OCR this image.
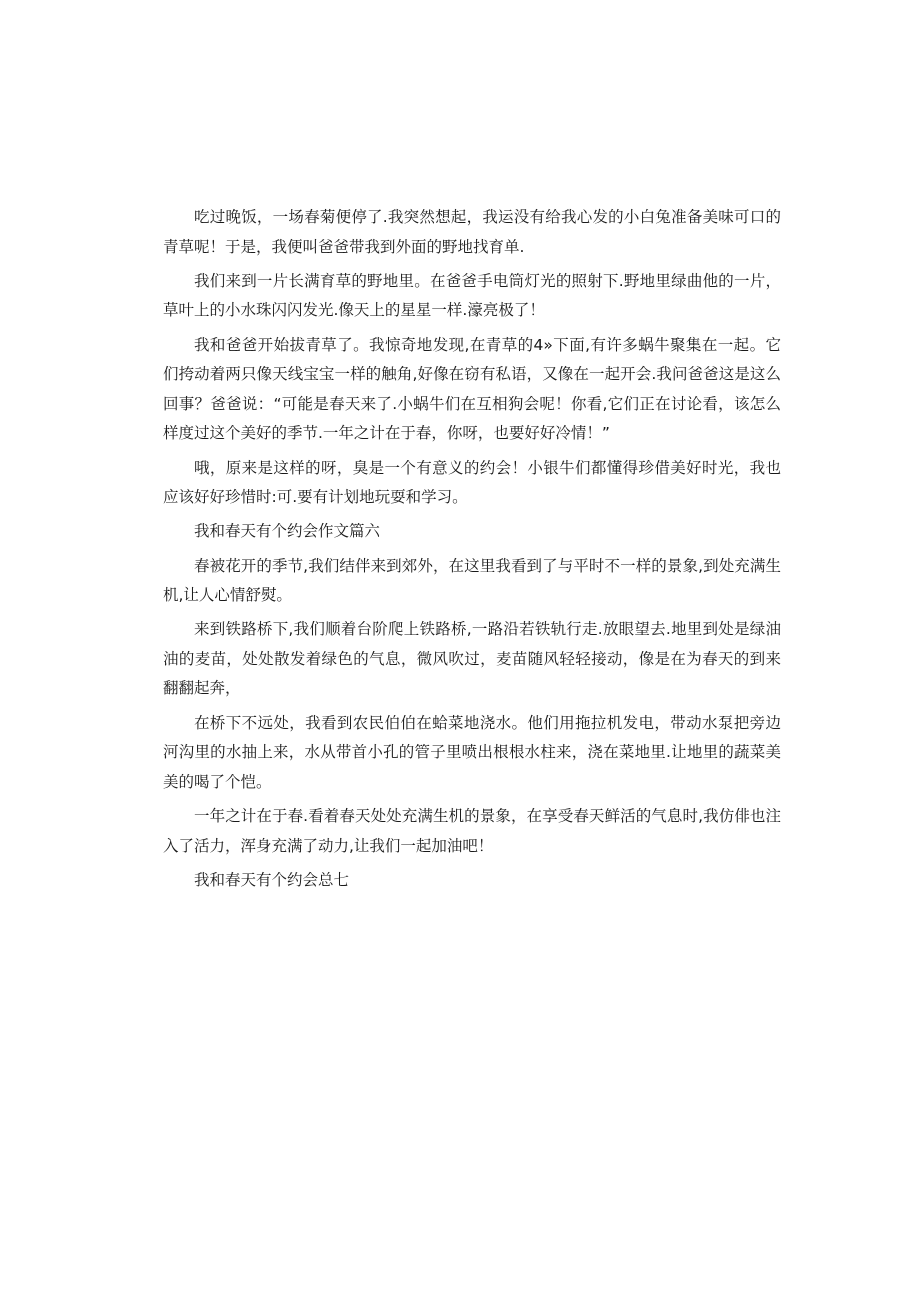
吃过晚饭，一场春菊便停了.我突然想起，我运没有给我心发的小白兔准备美味可口的青草呢！于是，我便叫爸爸带我到外面的野地找育单.

我们来到一片长满育草的野地里。在爸爸手电筒灯光的照射下.野地里绿曲他的一片，草叶上的小水珠闪闪发光.像天上的星星一样.濠亮极了！

我和爸爸开始拔青草了。我惊奇地发现,在青草的4»下面,有许多蜗牛聚集在一起。它们挎动着两只像天线宝宝一样的触角,好像在窃有私语，又像在一起开会.我问爸爸这是这么回事？爸爸说：“可能是春天来了.小蜗牛们在互相狗会呢！你看,它们正在讨论看，该怎么样度过这个美好的季节.一年之计在于春，你呀，也要好好冷情！”

哦，原来是这样的呀，臭是一个有意义的约会！小银牛们都懂得珍借美好时光，我也应该好好珍惜时:可.要有计划地玩耍和学习。

我和春天有个约会作文篇六

春被花开的季节,我们结伴来到郊外，在这里我看到了与平时不一样的景象,到处充满生机,让人心情舒熨。

来到铁路桥下,我们顺着台阶爬上铁路桥,一路沿若铁轨行走.放眼望去.地里到处是绿油油的麦苗，处处散发着绿色的气息，微风吹过，麦苗随风轻轻接动，像是在为春天的到来翻翻起奔，

在桥下不远处，我看到农民伯伯在蛤菜地浇水。他们用拖拉机发电，带动水泵把旁边河沟里的水抽上来，水从带首小孔的管子里喷出根根水柱来，浇在菜地里.让地里的蔬菜美美的喝了个恺。

一年之计在于春.看着春天处处充满生机的景象，在享受春天鲜活的气息时,我仿俳也注入了活力，浑身充满了动力,让我们一起加油吧！

我和春天有个约会总七
